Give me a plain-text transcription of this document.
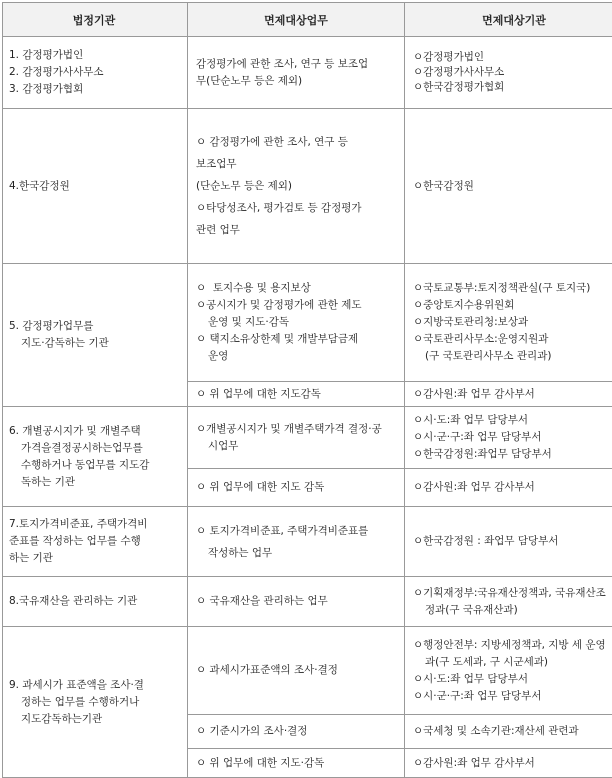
법정기관	면제대상업무	면제대상기관

1. 감정평가법인
2. 감정평가사사무소
3. 감정평가협회	감정평가에 관한 조사, 연구 등 보조업
무(단순노무 등은 제외)	ㅇ감정평가법인
ㅇ감정평가사사무소
ㅇ한국감정평가협회

4.한국감정원	ㅇ 감정평가에 관한 조사, 연구 등
보조업무
(단순노무 등은 제외)
ㅇ타당성조사, 평가검토 등 감정평가
관련 업무	ㅇ한국감정원

5. 감정평가업무를
지도·감독하는 기관	ㅇ  토지수용 및 용지보상
ㅇ공시지가 및 감정평가에 관한 제도
운영 및 지도·감독
ㅇ 택지소유상한제 및 개발부담금제
운영	ㅇ국토교통부:토지정책관실(구 토지국)
ㅇ중앙토지수용위원회
ㅇ지방국토관리청:보상과
ㅇ국토관리사무소:운영지원과
(구 국토관리사무소 관리과)

	ㅇ 위 업무에 대한 지도감독	ㅇ감사원:좌 업무 감사부서

6. 개별공시지가 및 개별주택
가격을결정공시하는업무를
수행하거나 동업무를 지도감
독하는 기관	ㅇ개별공시지가 및 개별주택가격 결정·공
시업무	ㅇ시·도:좌 업무 담당부서
ㅇ시·군·구:좌 업무 담당부서
ㅇ한국감정원:좌업무 담당부서

	ㅇ 위 업무에 대한 지도 감독	ㅇ감사원:좌 업무 감사부서

7.토지가격비준표, 주택가격비
준표를 작성하는 업무를 수행
하는 기관	ㅇ 토지가격비준표, 주택가격비준표를
작성하는 업무	ㅇ한국감정원 : 좌업무 담당부서

8.국유재산을 관리하는 기관	ㅇ 국유재산을 관리하는 업무	ㅇ기획재정부:국유재산정책과, 국유재산조
정과(구 국유재산과)

9. 과세시가 표준액을 조사·결
정하는 업무를 수행하거나
지도감독하는기관	ㅇ 과세시가표준액의 조사·결정	ㅇ행정안전부: 지방세정책과, 지방 세 운영
과(구 도세과, 구 시군세과)
ㅇ시·도:좌 업무 담당부서
ㅇ시·군·구:좌 업무 담당부서

	ㅇ 기준시가의 조사·결정	ㅇ국세청 및 소속기관:재산세 관련과

	ㅇ 위 업무에 대한 지도·감독	ㅇ감사원:좌 업무 감사부서
